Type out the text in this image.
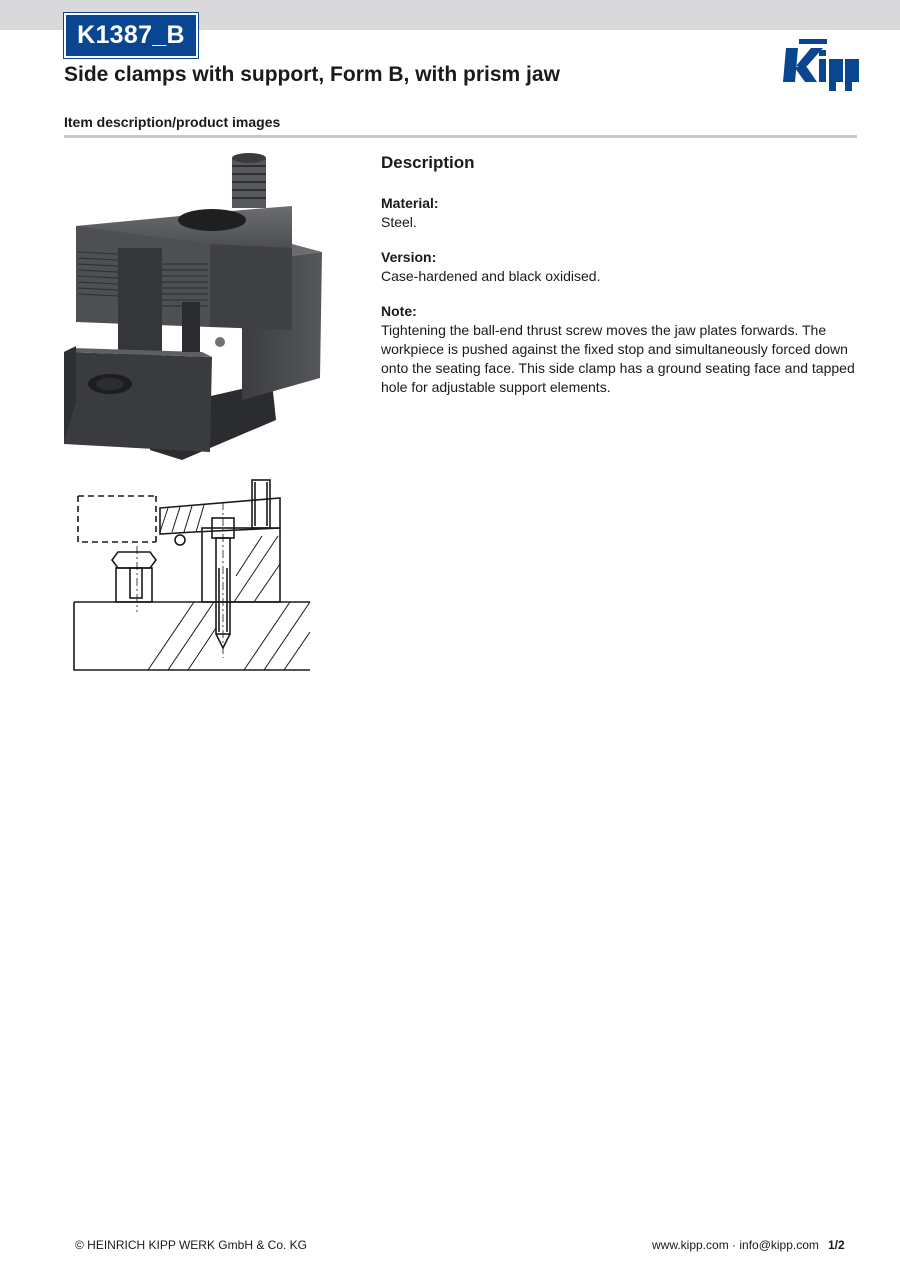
K1387_B
Side clamps with support, Form B, with prism jaw
Item description/product images
Description
Material:
Steel.
Version:
Case-hardened and black oxidised.
Note:
Tightening the ball-end thrust screw moves the jaw plates forwards. The workpiece is pushed against the fixed stop and simultaneously forced down onto the seating face. This side clamp has a ground seating face and tapped hole for adjustable support elements.
© HEINRICH KIPP WERK GmbH & Co. KG	www.kipp.com · info@kipp.com 1/2
